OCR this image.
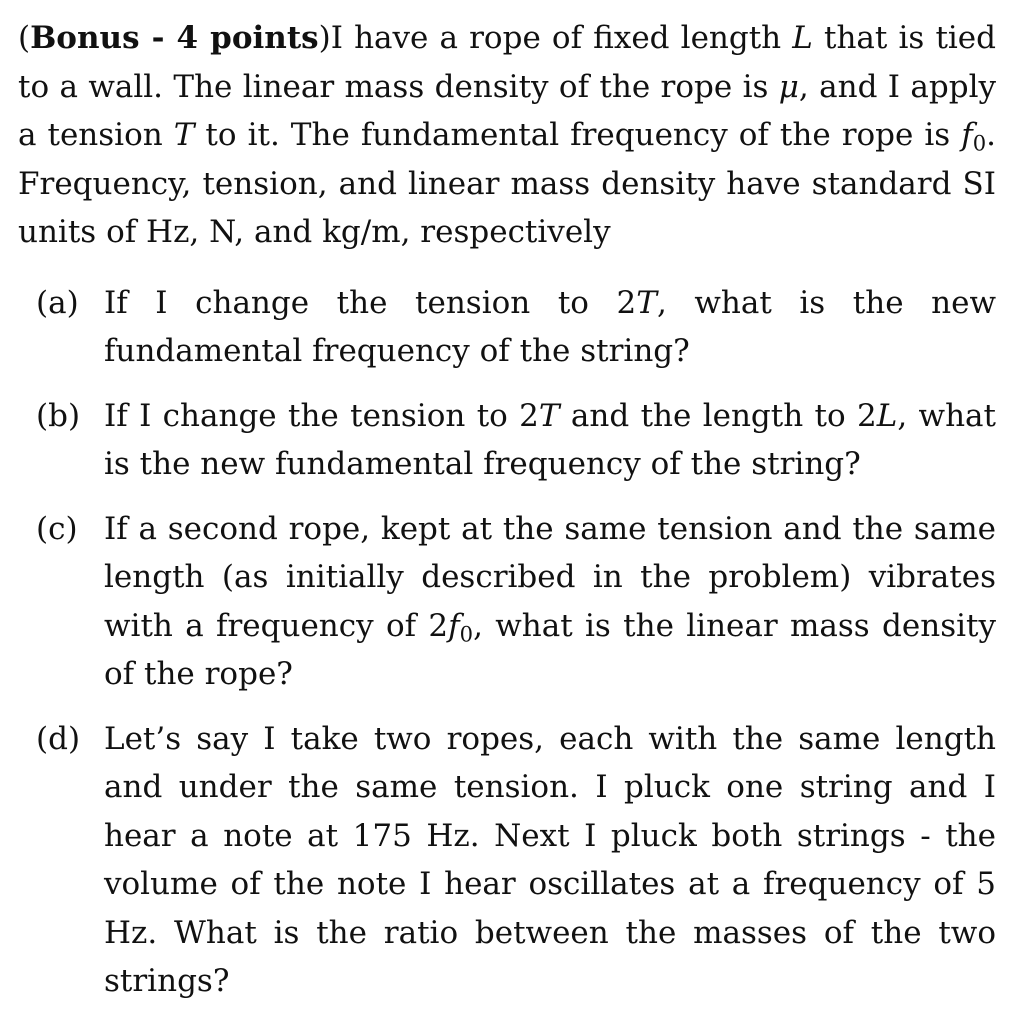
(Bonus - 4 points)I have a rope of fixed length L that is tied to a wall. The linear mass density of the rope is μ, and I apply a tension T to it. The fundamental frequency of the rope is $f_0$. Frequency, tension, and linear mass density have standard SI units of Hz, N, and kg/m, respectively

(a) If I change the tension to 2T, what is the new fundamental frequency of the string?
(b) If I change the tension to 2T and the length to 2L, what is the new fundamental frequency of the string?
(c) If a second rope, kept at the same tension and the same length (as initially described in the problem) vibrates with a frequency of $2f_0$, what is the linear mass density of the rope?
(d) Let’s say I take two ropes, each with the same length and under the same tension. I pluck one string and I hear a note at 175 Hz. Next I pluck both strings - the volume of the note I hear oscillates at a frequency of 5 Hz. What is the ratio between the masses of the two strings?
